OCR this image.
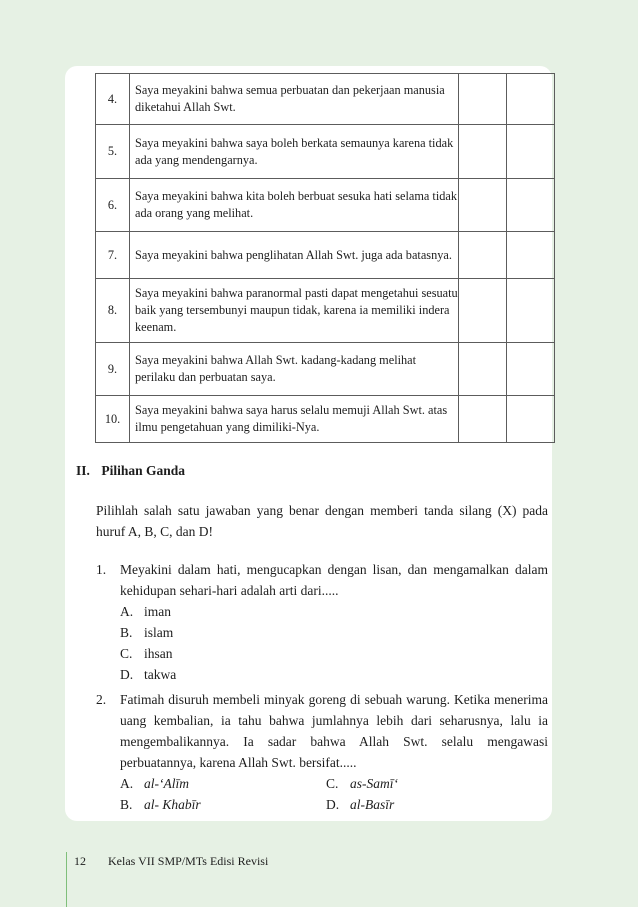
4.	Saya meyakini bahwa semua perbuatan dan pekerjaan manusia diketahui Allah Swt.		
5.	Saya meyakini bahwa saya boleh berkata semaunya karena tidak ada yang mendengarnya.		
6.	Saya meyakini bahwa kita boleh berbuat sesuka hati selama tidak ada orang yang melihat.		
7.	Saya meyakini bahwa penglihatan Allah Swt. juga ada batasnya.		
8.	Saya meyakini bahwa paranormal pasti dapat mengetahui sesuatu baik yang tersembunyi maupun tidak, karena ia memiliki indera keenam.		
9.	Saya meyakini bahwa Allah Swt. kadang-kadang melihat perilaku dan perbuatan saya.		
10.	Saya meyakini bahwa saya harus selalu memuji Allah Swt. atas ilmu pengetahuan yang dimiliki-Nya.		
II. Pilihan Ganda
Pilihlah salah satu jawaban yang benar dengan memberi tanda silang (X) pada huruf A, B, C, dan D!
1. Meyakini dalam hati, mengucapkan dengan lisan, dan mengamalkan dalam kehidupan sehari-hari adalah arti dari.....
A. iman
B. islam
C. ihsan
D. takwa
2. Fatimah disuruh membeli minyak goreng di sebuah warung. Ketika menerima uang kembalian, ia tahu bahwa jumlahnya lebih dari seharusnya, lalu ia mengembalikannya. Ia sadar bahwa Allah Swt. selalu mengawasi perbuatannya, karena Allah Swt. bersifat.....
A. al-‘Alīm	C. as-Samī‘
B. al- Khabīr	D. al-Basīr
12 Kelas VII SMP/MTs Edisi Revisi
